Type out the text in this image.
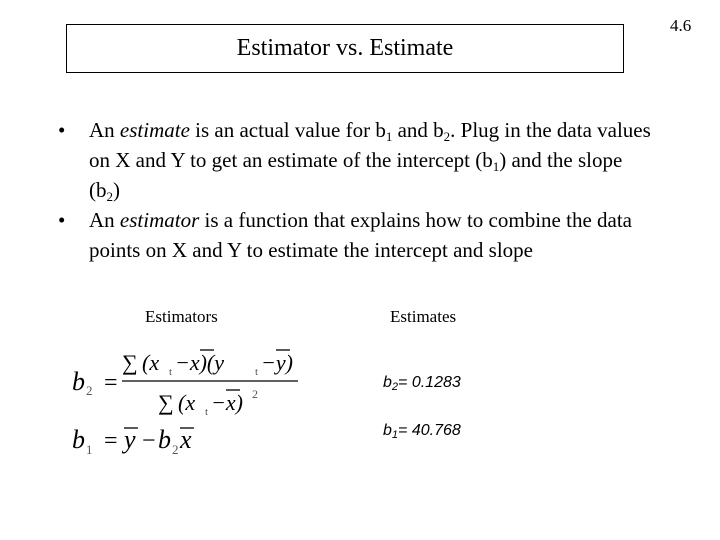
4.6
Estimator vs. Estimate
• An estimate is an actual value for $b_1$ and $b_2$. Plug in the data values on X and Y to get an estimate of the intercept $(b_1)$ and the slope $(b_2)$
• An estimator is a function that explains how to combine the data points on X and Y to estimate the intercept and slope
Estimators	Estimates
b 2 =
∑ (x t −x)(y	t −y)
∑ (x t −x) 2
b 1 = y − b 2 x
$b_2= 0.1283$
$b_1= 40.768$
